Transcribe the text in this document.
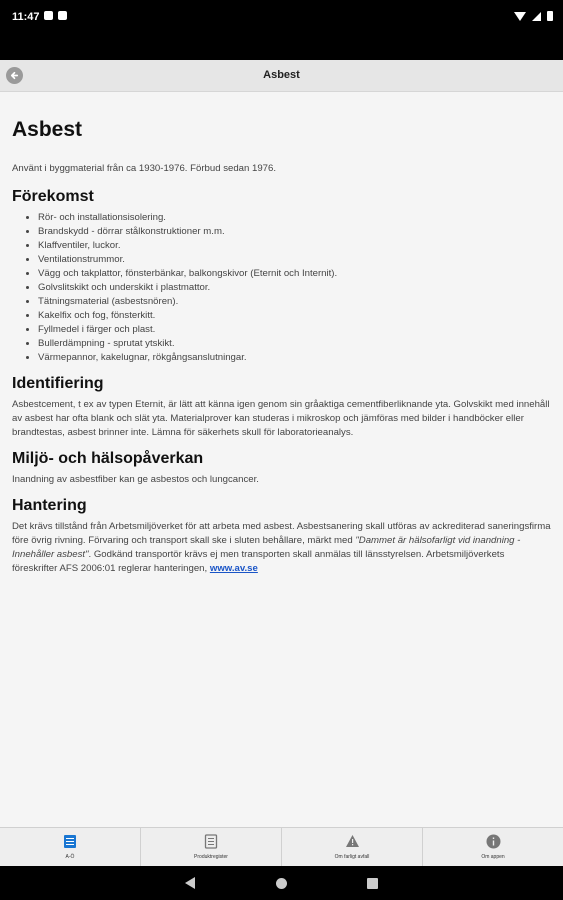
11:47
Asbest
Asbest

Använt i byggmaterial från ca 1930-1976. Förbud sedan 1976.

Förekomst
• Rör- och installationsisolering.
• Brandskydd - dörrar stålkonstruktioner m.m.
• Klaffventiler, luckor.
• Ventilationstrummor.
• Vägg och takplattor, fönsterbänkar, balkongskivor (Eternit och Internit).
• Golvslitskikt och underskikt i plastmattor.
• Tätningsmaterial (asbestsnören).
• Kakelfix och fog, fönsterkitt.
• Fyllmedel i färger och plast.
• Bullerdämpning - sprutat ytskikt.
• Värmepannor, kakelugnar, rökgångsanslutningar.
Identifiering

Asbestcement, t ex av typen Eternit, är lätt att känna igen genom sin gråaktiga cementfiberliknande yta. Golvskikt med innehåll av asbest har ofta blank och slät yta. Materialprover kan studeras i mikroskop och jämföras med bilder i handböcker eller brandtestas, asbest brinner inte. Lämna för säkerhets skull för laboratorieanalys.

Miljö- och hälsopåverkan

Inandning av asbestfiber kan ge asbestos och lungcancer.

Hantering

Det krävs tillstånd från Arbetsmiljöverket för att arbeta med asbest. Asbestsanering skall utföras av ackrediterad saneringsfirma före övrig rivning. Förvaring och transport skall ske i sluten behållare, märkt med "Dammet är hälsofarligt vid inandning - Innehåller asbest". Godkänd transportör krävs ej men transporten skall anmälas till länsstyrelsen. Arbetsmiljöverkets föreskrifter AFS 2006:01 reglerar hanteringen, www.av.se

A-Ö	Produktregister	Om farligt avfall	Om appen
